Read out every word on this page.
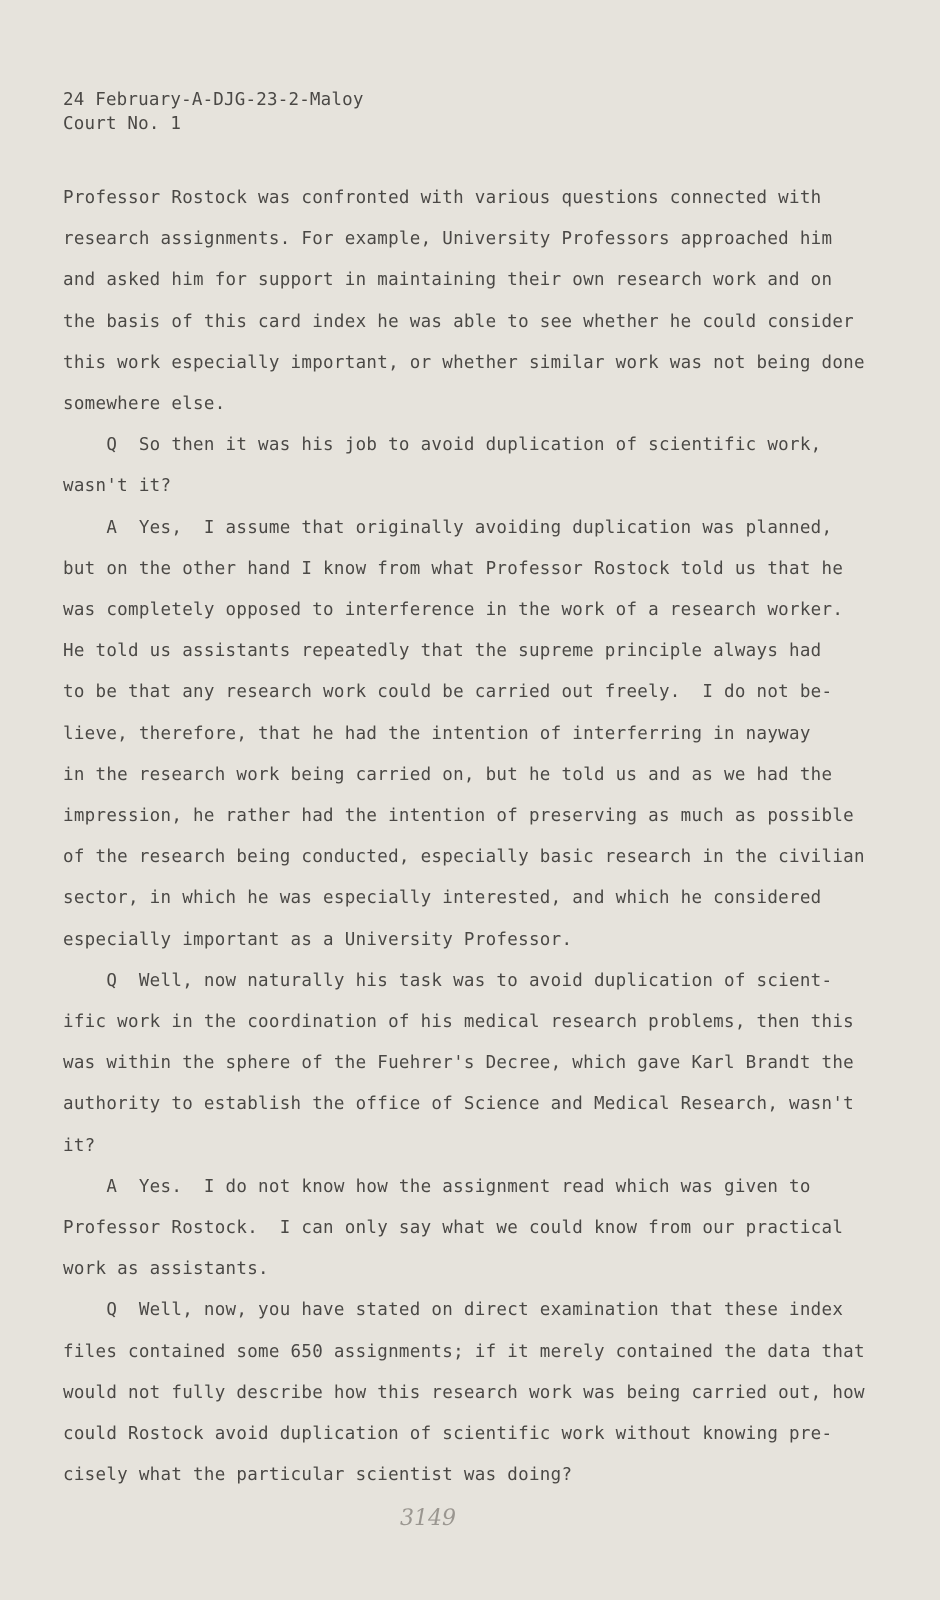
24 February-A-DJG-23-2-Maloy
Court No. 1
Professor Rostock was confronted with various questions connected with
research assignments. For example, University Professors approached him
and asked him for support in maintaining their own research work and on
the basis of this card index he was able to see whether he could consider
this work especially important, or whether similar work was not being done
somewhere else.
Q  So then it was his job to avoid duplication of scientific work,
wasn't it?
A  Yes,  I assume that originally avoiding duplication was planned,
but on the other hand I know from what Professor Rostock told us that he
was completely opposed to interference in the work of a research worker.
He told us assistants repeatedly that the supreme principle always had
to be that any research work could be carried out freely.  I do not be-
lieve, therefore, that he had the intention of interferring in nayway
in the research work being carried on, but he told us and as we had the
impression, he rather had the intention of preserving as much as possible
of the research being conducted, especially basic research in the civilian
sector, in which he was especially interested, and which he considered
especially important as a University Professor.
Q  Well, now naturally his task was to avoid duplication of scient-
ific work in the coordination of his medical research problems, then this
was within the sphere of the Fuehrer's Decree, which gave Karl Brandt the
authority to establish the office of Science and Medical Research, wasn't
it?
A  Yes.  I do not know how the assignment read which was given to
Professor Rostock.  I can only say what we could know from our practical
work as assistants.
Q  Well, now, you have stated on direct examination that these index
files contained some 650 assignments; if it merely contained the data that
would not fully describe how this research work was being carried out, how
could Rostock avoid duplication of scientific work without knowing pre-
cisely what the particular scientist was doing?
3149
